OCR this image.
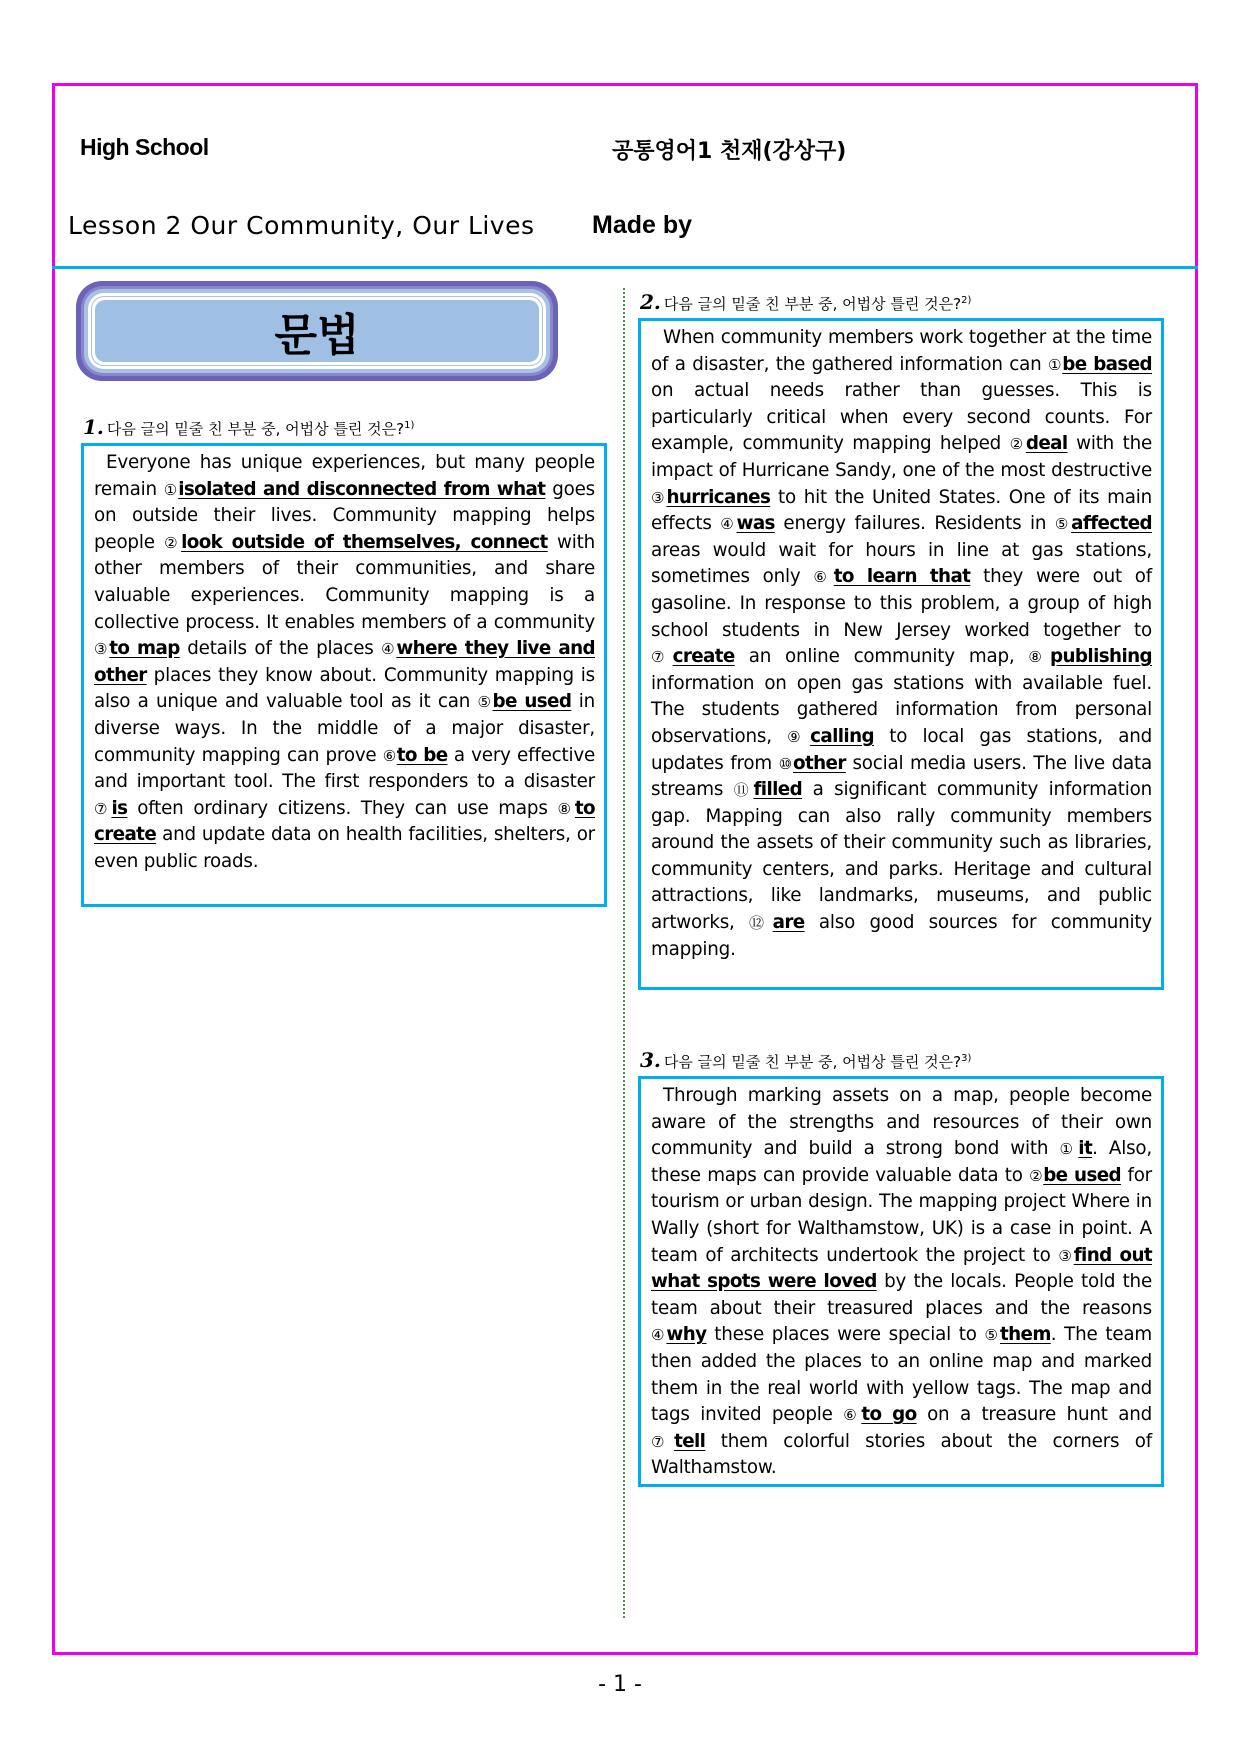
High School	공통영어1 천재(강상구)
Lesson 2 Our Community, Our Lives Made by
문법
1. 다음 글의 밑줄 친 부분 중, 어법상 틀린 것은?$^{1)}$
Everyone has unique experiences, but many people remain ①isolated and disconnected from what goes on outside their lives. Community mapping helps people ②look outside of themselves, connect with other members of their communities, and share valuable experiences. Community mapping is a collective process. It enables members of a community ③to map details of the places ④where they live and other places they know about. Community mapping is also a unique and valuable tool as it can ⑤be used in diverse ways. In the middle of a major disaster, community mapping can prove ⑥to be a very effective and important tool. The first responders to a disaster ⑦is often ordinary citizens. They can use maps ⑧to create and update data on health facilities, shelters, or even public roads.
2. 다음 글의 밑줄 친 부분 중, 어법상 틀린 것은?$^{2)}$
When community members work together at the time of a disaster, the gathered information can ①be based on actual needs rather than guesses. This is particularly critical when every second counts. For example, community mapping helped ②deal with the impact of Hurricane Sandy, one of the most destructive ③hurricanes to hit the United States. One of its main effects ④was energy failures. Residents in ⑤affected areas would wait for hours in line at gas stations, sometimes only ⑥to learn that they were out of gasoline. In response to this problem, a group of high school students in New Jersey worked together to ⑦create an online community map, ⑧publishing information on open gas stations with available fuel. The students gathered information from personal observations, ⑨calling to local gas stations, and updates from ⑩other social media users. The live data streams ⑪filled a significant community information gap. Mapping can also rally community members around the assets of their community such as libraries, community centers, and parks. Heritage and cultural attractions, like landmarks, museums, and public artworks, ⑫are also good sources for community mapping.
3. 다음 글의 밑줄 친 부분 중, 어법상 틀린 것은?$^{3)}$
Through marking assets on a map, people become aware of the strengths and resources of their own community and build a strong bond with ①it. Also, these maps can provide valuable data to ②be used for tourism or urban design. The mapping project Where in Wally (short for Walthamstow, UK) is a case in point. A team of architects undertook the project to ③find out what spots were loved by the locals. People told the team about their treasured places and the reasons ④why these places were special to ⑤them. The team then added the places to an online map and marked them in the real world with yellow tags. The map and tags invited people ⑥to go on a treasure hunt and ⑦tell them colorful stories about the corners of Walthamstow.
- 1 -
